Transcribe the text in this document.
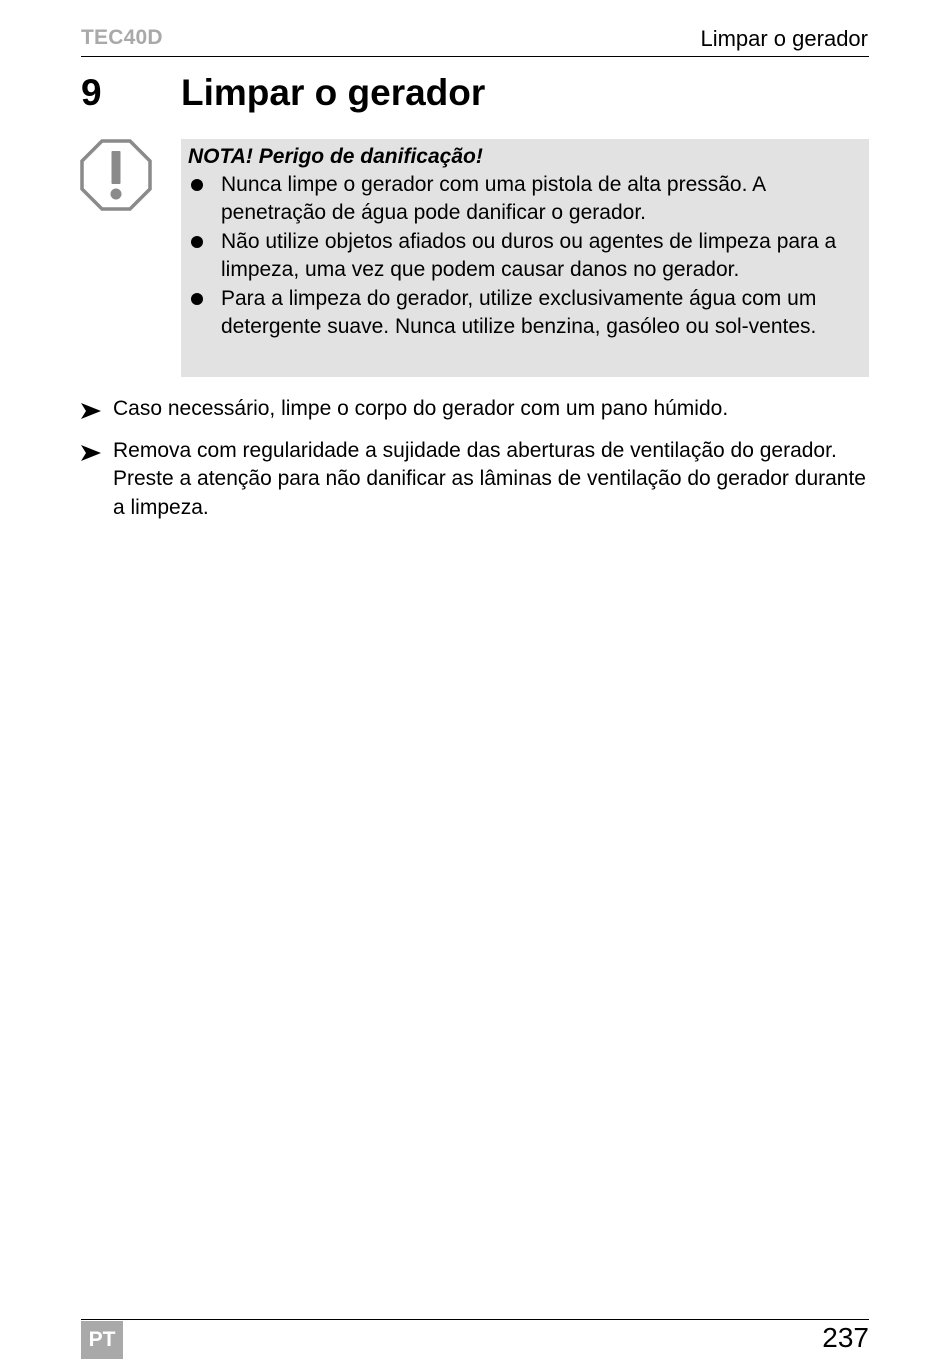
TEC40D	Limpar o gerador
9 Limpar o gerador
NOTA! Perigo de danificação!
Nunca limpe o gerador com uma pistola de alta pressão. A penetração de água pode danificar o gerador.
Não utilize objetos afiados ou duros ou agentes de limpeza para a limpeza, uma vez que podem causar danos no gerador.
Para a limpeza do gerador, utilize exclusivamente água com um detergente suave. Nunca utilize benzina, gasóleo ou sol-ventes.
Caso necessário, limpe o corpo do gerador com um pano húmido.
Remova com regularidade a sujidade das aberturas de ventilação do gerador. Preste a atenção para não danificar as lâminas de ventilação do gerador durante a limpeza.
PT	237
